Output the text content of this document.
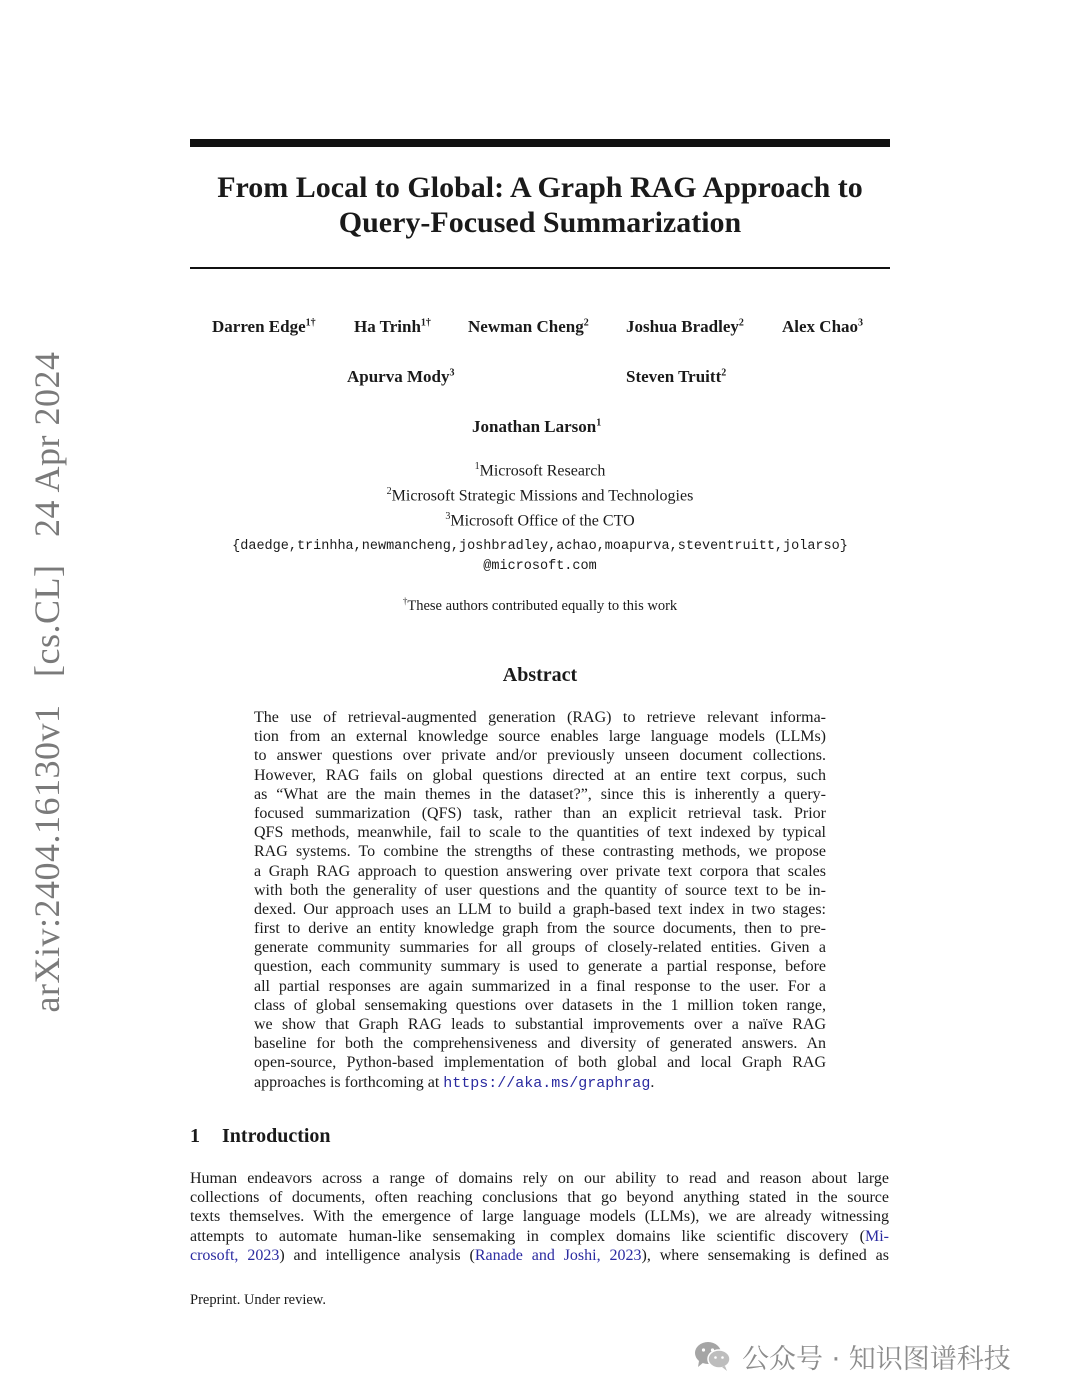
arXiv:2404.16130v1 [cs.CL] 24 Apr 2024
From Local to Global: A Graph RAG Approach to
Query-Focused Summarization
Darren Edge$^{1\dagger}$ Ha Trinh$^{1\dagger}$ Newman Cheng$^2$ Joshua Bradley$^2$ Alex Chao$^3$
Apurva Mody$^3$	Steven Truitt$^2$
Jonathan Larson$^1$
$^1$Microsoft Research
$^2$Microsoft Strategic Missions and Technologies
$^3$Microsoft Office of the CTO
{daedge,trinhha,newmancheng,joshbradley,achao,moapurva,steventruitt,jolarso}
@microsoft.com
†These authors contributed equally to this work
Abstract
The use of retrieval-augmented generation (RAG) to retrieve relevant informa-
tion from an external knowledge source enables large language models (LLMs)
to answer questions over private and/or previously unseen document collections.
However, RAG fails on global questions directed at an entire text corpus, such
as “What are the main themes in the dataset?”, since this is inherently a query-
focused summarization (QFS) task, rather than an explicit retrieval task. Prior
QFS methods, meanwhile, fail to scale to the quantities of text indexed by typical
RAG systems. To combine the strengths of these contrasting methods, we propose
a Graph RAG approach to question answering over private text corpora that scales
with both the generality of user questions and the quantity of source text to be in-
dexed. Our approach uses an LLM to build a graph-based text index in two stages:
first to derive an entity knowledge graph from the source documents, then to pre-
generate community summaries for all groups of closely-related entities. Given a
question, each community summary is used to generate a partial response, before
all partial responses are again summarized in a final response to the user. For a
class of global sensemaking questions over datasets in the 1 million token range,
we show that Graph RAG leads to substantial improvements over a naïve RAG
baseline for both the comprehensiveness and diversity of generated answers. An
open-source, Python-based implementation of both global and local Graph RAG
approaches is forthcoming at https://aka.ms/graphrag.
1 Introduction
Human endeavors across a range of domains rely on our ability to read and reason about large
collections of documents, often reaching conclusions that go beyond anything stated in the source
texts themselves. With the emergence of large language models (LLMs), we are already witnessing
attempts to automate human-like sensemaking in complex domains like scientific discovery (Mi-
crosoft, 2023) and intelligence analysis (Ranade and Joshi, 2023), where sensemaking is defined as
Preprint. Under review.
公众号 · 知识图谱科技
